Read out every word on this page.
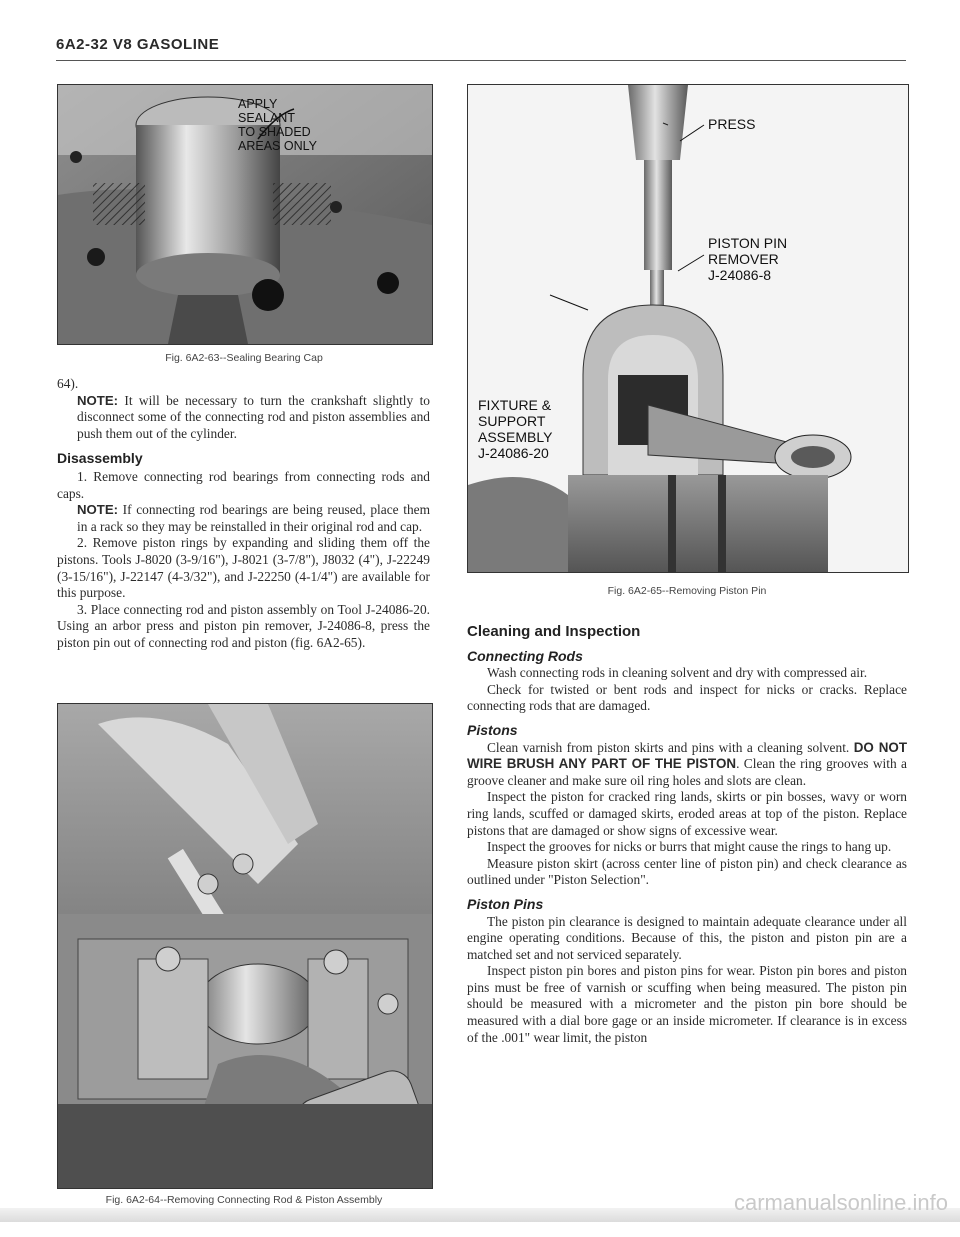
6A2-32 V8 GASOLINE
APPLY
SEALANT
TO SHADED
AREAS ONLY
Fig. 6A2-63--Sealing Bearing Cap

64).

NOTE: It will be necessary to turn the crankshaft slightly to disconnect some of the connecting rod and piston assemblies and push them out of the cylinder.

Disassembly

1. Remove connecting rod bearings from connecting rods and caps.

NOTE: If connecting rod bearings are being reused, place them in a rack so they may be reinstalled in their original rod and cap.

2. Remove piston rings by expanding and sliding them off the pistons. Tools J-8020 (3-9/16"), J-8021 (3-7/8"), J8032 (4"), J-22249 (3-15/16"), J-22147 (4-3/32"), and J-22250 (4-1/4") are available for this purpose.

3. Place connecting rod and piston assembly on Tool J-24086-20. Using an arbor press and piston pin remover, J-24086-8, press the piston pin out of connecting rod and piston (fig. 6A2-65).

Fig. 6A2-64--Removing Connecting Rod & Piston Assembly
PRESS
PISTON PIN
REMOVER
J-24086-8
FIXTURE &
SUPPORT
ASSEMBLY
J-24086-20
Fig. 6A2-65--Removing Piston Pin
Cleaning and Inspection
Connecting Rods

Wash connecting rods in cleaning solvent and dry with compressed air.

Check for twisted or bent rods and inspect for nicks or cracks. Replace connecting rods that are damaged.

Pistons

Clean varnish from piston skirts and pins with a cleaning solvent. DO NOT WIRE BRUSH ANY PART OF THE PISTON. Clean the ring grooves with a groove cleaner and make sure oil ring holes and slots are clean.

Inspect the piston for cracked ring lands, skirts or pin bosses, wavy or worn ring lands, scuffed or damaged skirts, eroded areas at top of the piston. Replace pistons that are damaged or show signs of excessive wear.

Inspect the grooves for nicks or burrs that might cause the rings to hang up.

Measure piston skirt (across center line of piston pin) and check clearance as outlined under "Piston Selection".

Piston Pins

The piston pin clearance is designed to maintain adequate clearance under all engine operating conditions. Because of this, the piston and piston pin are a matched set and not serviced separately.

Inspect piston pin bores and piston pins for wear. Piston pin bores and piston pins must be free of varnish or scuffing when being measured. The piston pin should be measured with a micrometer and the piston pin bore should be measured with a dial bore gage or an inside micrometer. If clearance is in excess of the .001" wear limit, the piston

carmanualsonline.info
